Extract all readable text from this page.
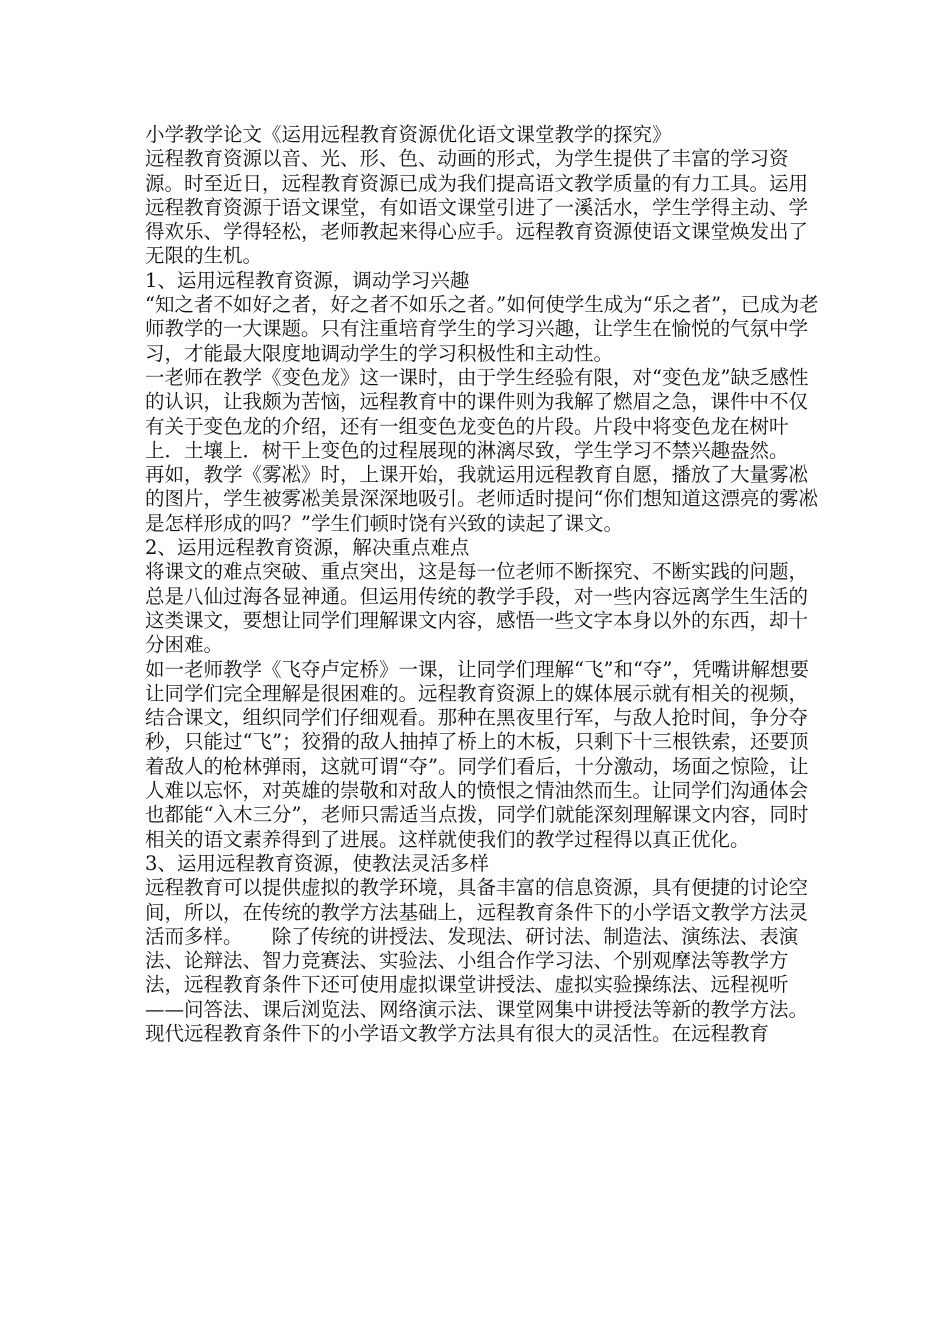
小学教学论文《运用远程教育资源优化语文课堂教学的探究》

远程教育资源以音、光、形、色、动画的形式，为学生提供了丰富的学习资源。时至近日，远程教育资源已成为我们提高语文教学质量的有力工具。运用远程教育资源于语文课堂，有如语文课堂引进了一溪活水，学生学得主动、学得欢乐、学得轻松，老师教起来得心应手。远程教育资源使语文课堂焕发出了无限的生机。

1、运用远程教育资源，调动学习兴趣

“知之者不如好之者，好之者不如乐之者。”如何使学生成为“乐之者”，已成为老师教学的一大课题。只有注重培育学生的学习兴趣，让学生在愉悦的气氛中学习，才能最大限度地调动学生的学习积极性和主动性。

一老师在教学《变色龙》这一课时，由于学生经验有限，对“变色龙”缺乏感性的认识，让我颇为苦恼，远程教育中的课件则为我解了燃眉之急，课件中不仅有关于变色龙的介绍，还有一组变色龙变色的片段。片段中将变色龙在树叶上．土壤上．树干上变色的过程展现的淋漓尽致，学生学习不禁兴趣盎然。

再如，教学《雾凇》时，上课开始，我就运用远程教育自愿，播放了大量雾凇的图片，学生被雾凇美景深深地吸引。老师适时提问“你们想知道这漂亮的雾凇是怎样形成的吗？”学生们顿时饶有兴致的读起了课文。

2、运用远程教育资源，解决重点难点

将课文的难点突破、重点突出，这是每一位老师不断探究、不断实践的问题，总是八仙过海各显神通。但运用传统的教学手段，对一些内容远离学生生活的这类课文，要想让同学们理解课文内容，感悟一些文字本身以外的东西，却十分困难。

如一老师教学《飞夺卢定桥》一课，让同学们理解“飞”和“夺”，凭嘴讲解想要让同学们完全理解是很困难的。远程教育资源上的媒体展示就有相关的视频，结合课文，组织同学们仔细观看。那种在黑夜里行军，与敌人抢时间，争分夺秒，只能过“飞”；狡猾的敌人抽掉了桥上的木板，只剩下十三根铁索，还要顶着敌人的枪林弹雨，这就可谓“夺”。同学们看后，十分激动，场面之惊险，让人难以忘怀，对英雄的崇敬和对敌人的愤恨之情油然而生。让同学们沟通体会也都能“入木三分”，老师只需适当点拨，同学们就能深刻理解课文内容，同时相关的语文素养得到了进展。这样就使我们的教学过程得以真正优化。

3、运用远程教育资源，使教法灵活多样

远程教育可以提供虚拟的教学环境，具备丰富的信息资源，具有便捷的讨论空间，所以，在传统的教学方法基础上，远程教育条件下的小学语文教学方法灵活而多样。　　除了传统的讲授法、发现法、研讨法、制造法、演练法、表演法、论辩法、智力竞赛法、实验法、小组合作学习法、个别观摩法等教学方法，远程教育条件下还可使用虚拟课堂讲授法、虚拟实验操练法、远程视听——问答法、课后浏览法、网络演示法、课堂网集中讲授法等新的教学方法。现代远程教育条件下的小学语文教学方法具有很大的灵活性。在远程教育
